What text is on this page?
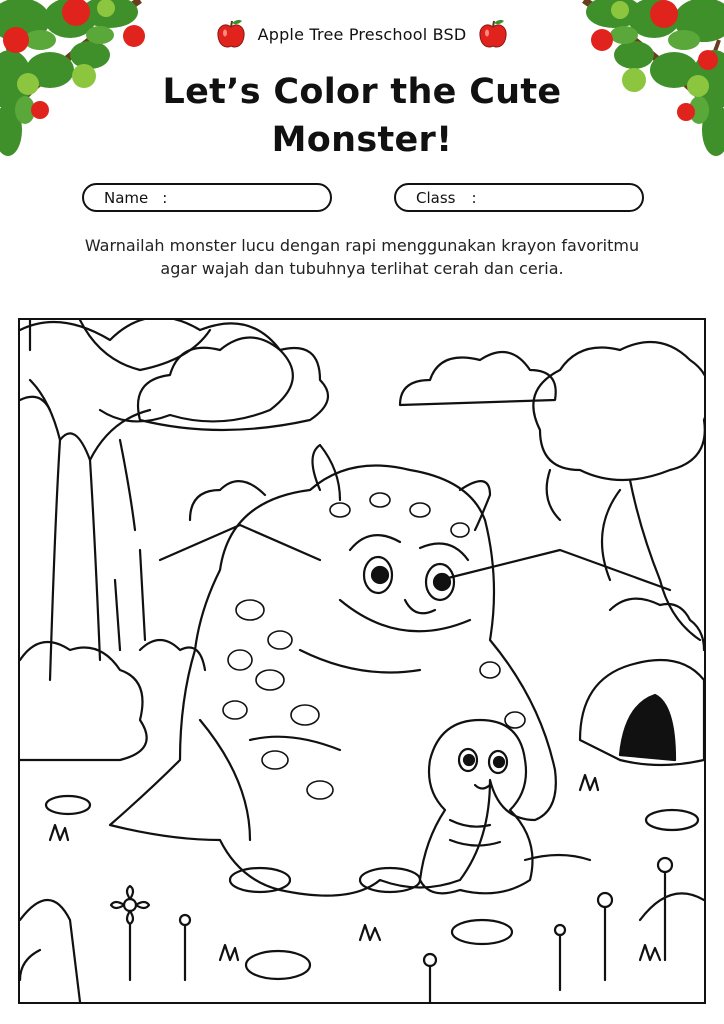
Apple Tree Preschool BSD
Let’s Color the Cute Monster!
Name :	Class :
Warnailah monster lucu dengan rapi menggunakan krayon favoritmu
agar wajah dan tubuhnya terlihat cerah dan ceria.
